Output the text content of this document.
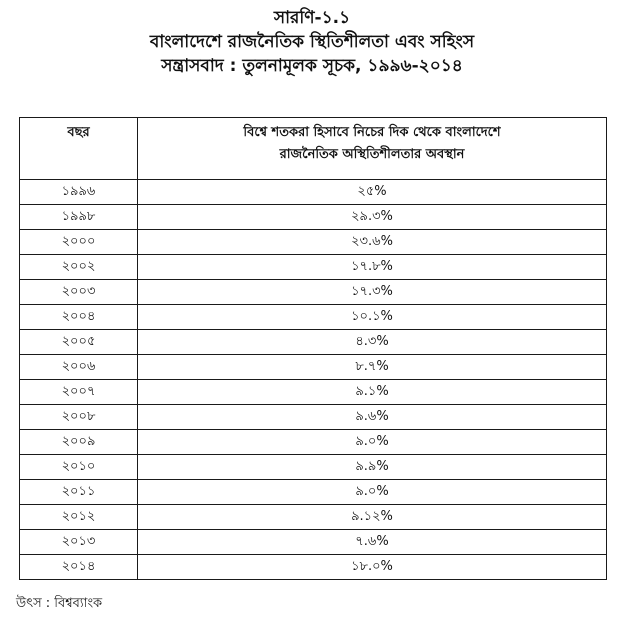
সারণি-১.১
বাংলাদেশে রাজনৈতিক স্থিতিশীলতা এবং সহিংস
সন্ত্রাসবাদ : তুলনামূলক সূচক, ১৯৯৬-২০১৪
বছর	বিশ্বে শতকরা হিসাবে নিচের দিক থেকে বাংলাদেশে
রাজনৈতিক অস্থিতিশীলতার অবস্থান

১৯৯৬	২৫%
১৯৯৮	২৯.৩%
২০০০	২৩.৬%
২০০২	১৭.৮%
২০০৩	১৭.৩%
২০০৪	১০.১%
২০০৫	৪.৩%
২০০৬	৮.৭%
২০০৭	৯.১%
২০০৮	৯.৬%
২০০৯	৯.০%
২০১০	৯.৯%
২০১১	৯.০%
২০১২	৯.১২%
২০১৩	৭.৬%
২০১৪	১৮.০%
উৎস : বিশ্বব্যাংক
